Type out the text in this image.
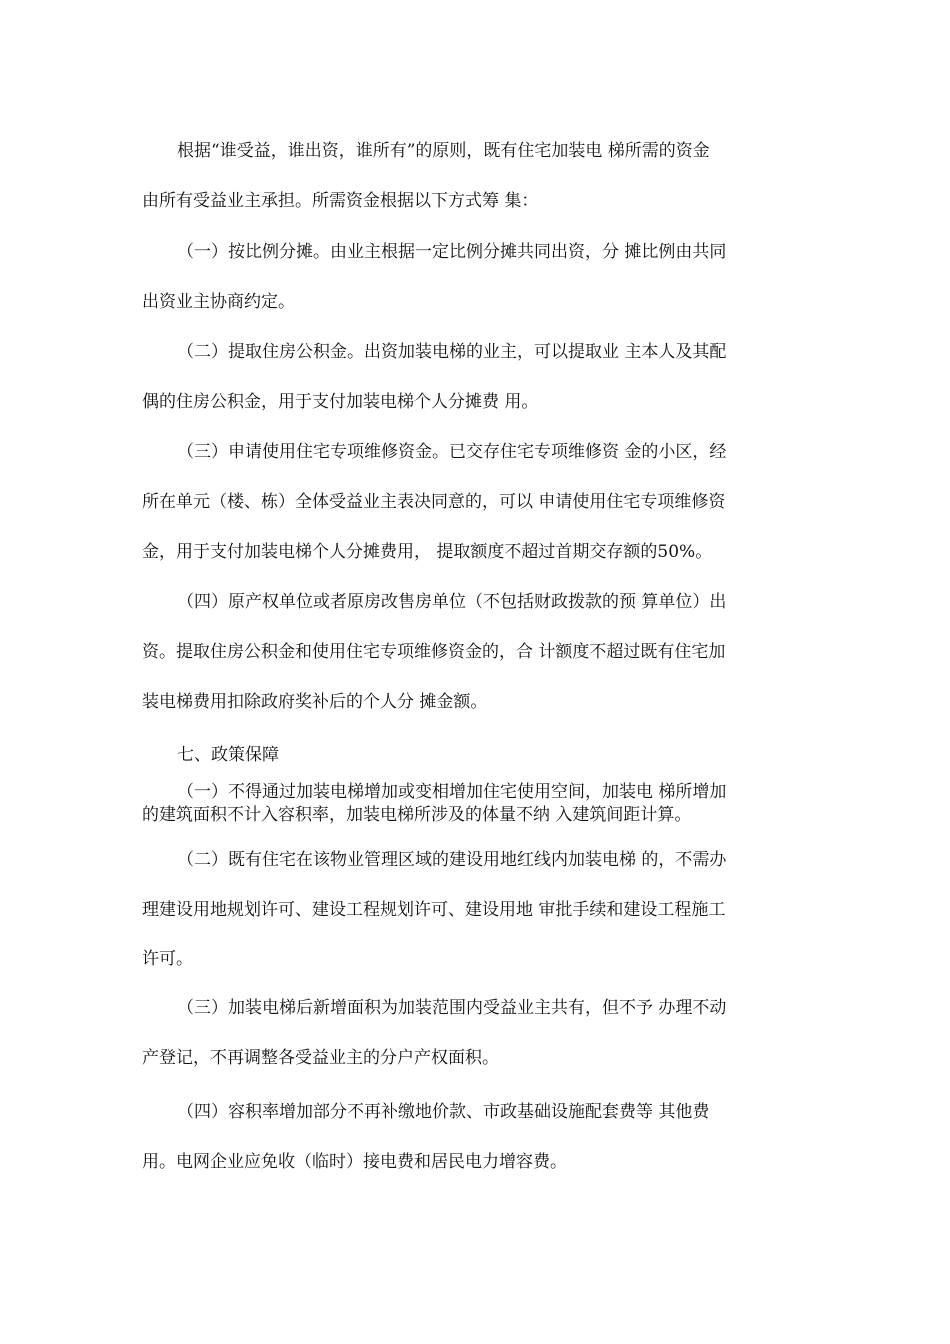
根据“谁受益，谁出资，谁所有”的原则，既有住宅加装电 梯所需的资金
由所有受益业主承担。所需资金根据以下方式筹 集：
（一）按比例分摊。由业主根据一定比例分摊共同出资，分 摊比例由共同
出资业主协商约定。
（二）提取住房公积金。出资加装电梯的业主，可以提取业 主本人及其配
偶的住房公积金，用于支付加装电梯个人分摊费 用。
（三）申请使用住宅专项维修资金。已交存住宅专项维修资 金的小区，经
所在单元（楼、栋）全体受益业主表决同意的，可以 申请使用住宅专项维修资
金，用于支付加装电梯个人分摊费用， 提取额度不超过首期交存额的50%。
（四）原产权单位或者原房改售房单位（不包括财政拨款的预 算单位）出
资。提取住房公积金和使用住宅专项维修资金的，合 计额度不超过既有住宅加
装电梯费用扣除政府奖补后的个人分 摊金额。
七、政策保障
（一）不得通过加装电梯增加或变相增加住宅使用空间，加装电 梯所增加
的建筑面积不计入容积率，加装电梯所涉及的体量不纳 入建筑间距计算。
（二）既有住宅在该物业管理区域的建设用地红线内加装电梯 的，不需办
理建设用地规划许可、建设工程规划许可、建设用地 审批手续和建设工程施工
许可。
（三）加装电梯后新增面积为加装范围内受益业主共有，但不予 办理不动
产登记，不再调整各受益业主的分户产权面积。
（四）容积率增加部分不再补缴地价款、市政基础设施配套费等 其他费
用。电网企业应免收（临时）接电费和居民电力增容费。
